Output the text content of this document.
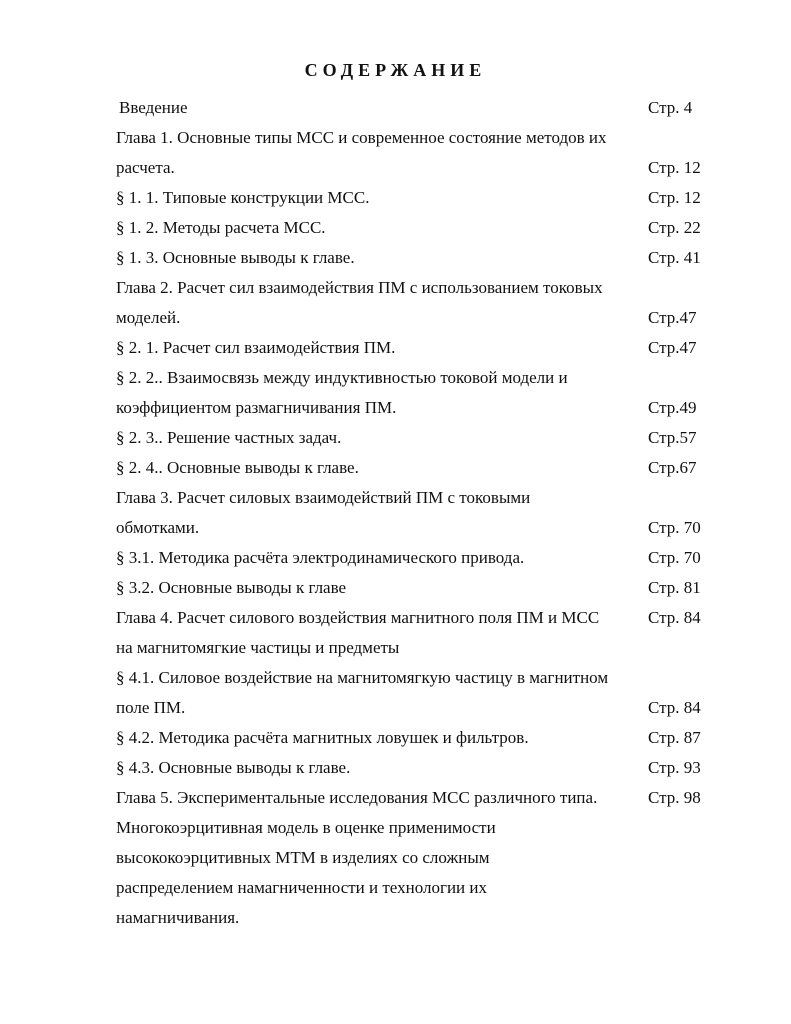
СОДЕРЖАНИЕ
Введение	Стр. 4
Глава 1. Основные типы МСС и современное состояние методов их
расчета.	Стр. 12
§ 1. 1. Типовые конструкции МСС.	Стр. 12
§ 1. 2. Методы расчета МСС.	Стр. 22
§ 1. 3. Основные выводы к главе.	Стр. 41
Глава 2. Расчет сил взаимодействия ПМ с использованием токовых
моделей.	Стр.47
§ 2. 1. Расчет сил взаимодействия ПМ.	Стр.47
§ 2. 2.. Взаимосвязь между индуктивностью токовой модели и
коэффициентом размагничивания ПМ.	Стр.49
§ 2. 3.. Решение частных задач.	Стр.57
§ 2. 4.. Основные выводы к главе.	Стр.67
Глава 3. Расчет силовых взаимодействий ПМ с токовыми
обмотками.	Стр. 70
§ 3.1. Методика расчёта электродинамического привода.	Стр. 70
§ 3.2. Основные выводы к главе	Стр. 81
Глава 4. Расчет силового воздействия магнитного поля ПМ и МСС	Стр. 84
на магнитомягкие частицы и предметы
§ 4.1. Силовое воздействие на магнитомягкую частицу в магнитном
поле ПМ.	Стр. 84
§ 4.2. Методика расчёта магнитных ловушек и фильтров.	Стр. 87
§ 4.3. Основные выводы к главе.	Стр. 93
Глава 5. Экспериментальные исследования МСС различного типа.	Стр. 98
Многокоэрцитивная модель в оценке применимости
высококоэрцитивных МТМ в изделиях со сложным
распределением намагниченности и технологии их
намагничивания.
